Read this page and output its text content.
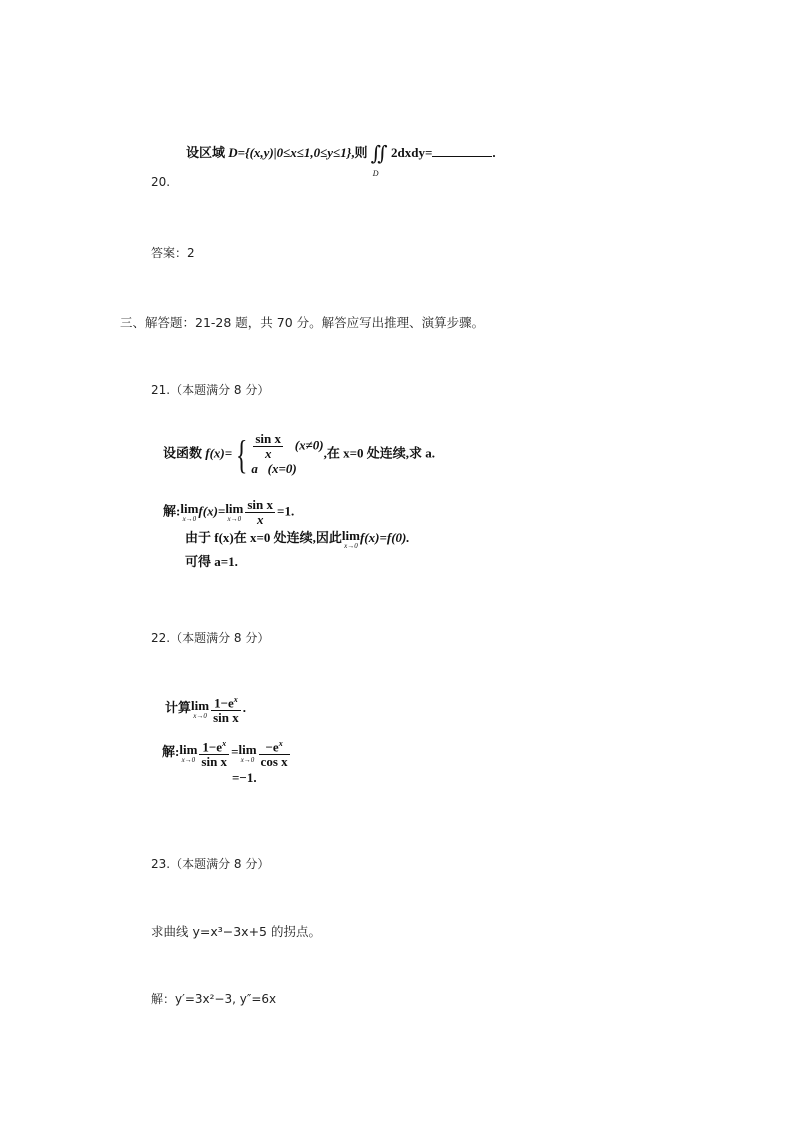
设区域 D={(x,y)|0≤x≤1,0≤y≤1},则 ∬
D
2dxdy=	.
20.
答案：2
三、解答题：21-28 题，共 70 分。解答应写出推理、演算步骤。
21.（本题满分 8 分）
设函数 $f(x)=\{ \frac{\text{sin x}}{x} (x\ne 0)$
a (x=0)
,在 x=0 处连续,求 a.
解: lim
x→0
f(x)= lim
$x\to 0 \frac{\text{sin x}}{x} =1$.
由于 f(x)在 x=0 处连续,因此 lim
x→0
f(x)=f(0).
可得 a=1.
22.（本题满分 8 分）
计算 lim
$x\to 0 \frac{1-e^x}{\text{sin x}}$ .
解: lim
$x\to 0 \frac{1-e^x}{\text{sin x}} = \lim$
$x\to 0 \frac{-e^x}{\text{cos x}}$
=−1.
23.（本题满分 8 分）
求曲线 y=x³−3x+5 的拐点。
解：y′=3x²−3, y″=6x
